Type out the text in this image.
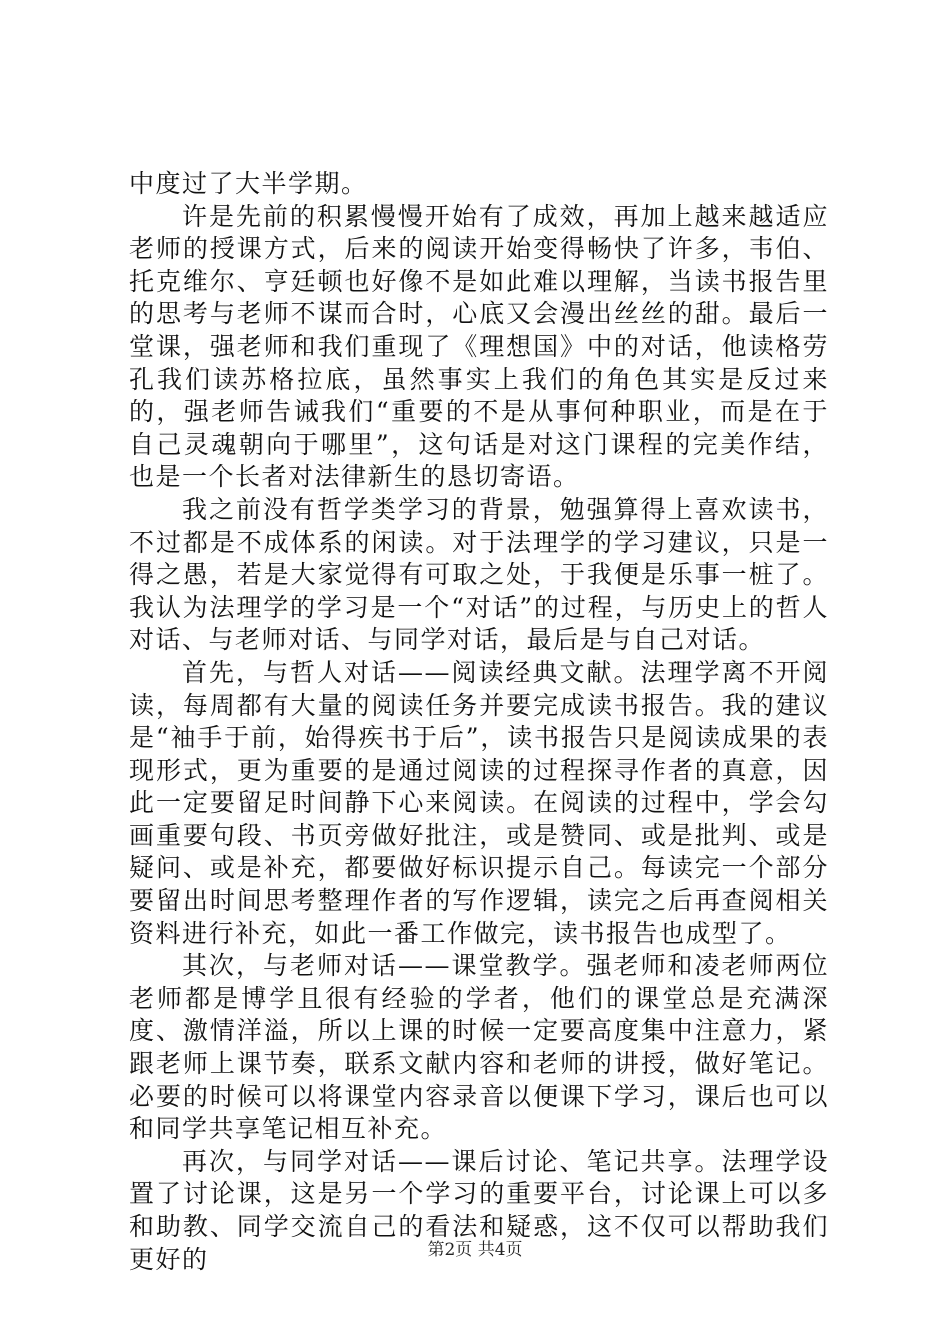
中度过了大半学期。

许是先前的积累慢慢开始有了成效，再加上越来越适应老师的授课方式，后来的阅读开始变得畅快了许多，韦伯、托克维尔、亨廷顿也好像不是如此难以理解，当读书报告里的思考与老师不谋而合时，心底又会漫出丝丝的甜。最后一堂课，强老师和我们重现了《理想国》中的对话，他读格劳孔我们读苏格拉底，虽然事实上我们的角色其实是反过来的，强老师告诫我们“重要的不是从事何种职业，而是在于自己灵魂朝向于哪里”，这句话是对这门课程的完美作结，也是一个长者对法律新生的恳切寄语。

我之前没有哲学类学习的背景，勉强算得上喜欢读书，不过都是不成体系的闲读。对于法理学的学习建议，只是一得之愚，若是大家觉得有可取之处，于我便是乐事一桩了。我认为法理学的学习是一个“对话”的过程，与历史上的哲人对话、与老师对话、与同学对话，最后是与自己对话。

首先，与哲人对话——阅读经典文献。法理学离不开阅读，每周都有大量的阅读任务并要完成读书报告。我的建议是“袖手于前，始得疾书于后”，读书报告只是阅读成果的表现形式，更为重要的是通过阅读的过程探寻作者的真意，因此一定要留足时间静下心来阅读。在阅读的过程中，学会勾画重要句段、书页旁做好批注，或是赞同、或是批判、或是疑问、或是补充，都要做好标识提示自己。每读完一个部分要留出时间思考整理作者的写作逻辑，读完之后再查阅相关资料进行补充，如此一番工作做完，读书报告也成型了。

其次，与老师对话——课堂教学。强老师和凌老师两位老师都是博学且很有经验的学者，他们的课堂总是充满深度、激情洋溢，所以上课的时候一定要高度集中注意力，紧跟老师上课节奏，联系文献内容和老师的讲授，做好笔记。必要的时候可以将课堂内容录音以便课下学习，课后也可以和同学共享笔记相互补充。

再次，与同学对话——课后讨论、笔记共享。法理学设置了讨论课，这是另一个学习的重要平台，讨论课上可以多和助教、同学交流自己的看法和疑惑，这不仅可以帮助我们更好的	第2页 共4页
